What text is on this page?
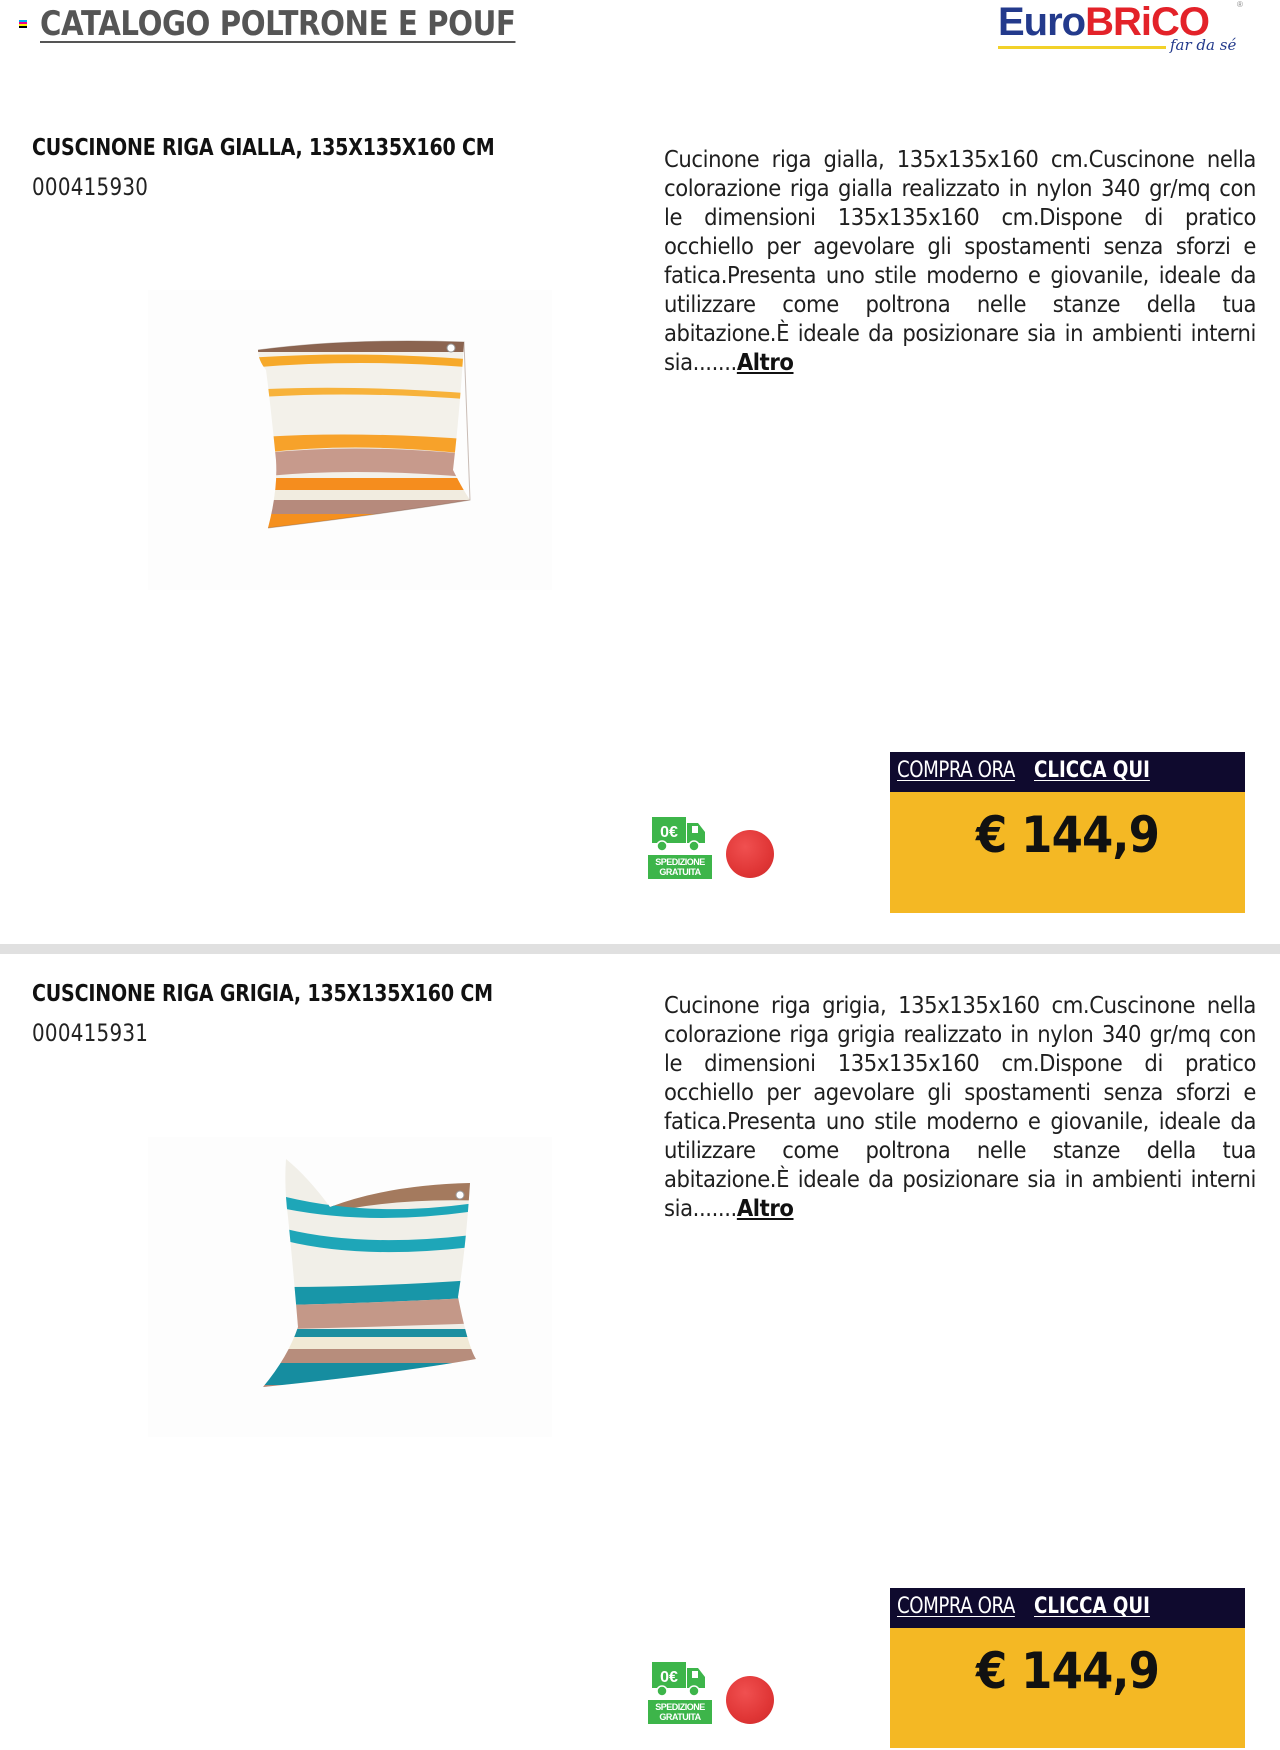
CATALOGO POLTRONE E POUF	EuroBRiCO	®
far da sé
CUSCINONE RIGA GIALLA, 135X135X160 CM
000415930
Cucinone riga gialla, 135x135x160 cm.Cuscinone nella colorazione riga gialla realizzato in nylon 340 gr/mq con le dimensioni 135x135x160 cm.Dispone di pratico occhiello per agevolare gli spostamenti senza sforzi e fatica.Presenta uno stile moderno e giovanile, ideale da utilizzare come poltrona nelle stanze della tua abitazione.È ideale da posizionare sia in ambienti interni sia.......Altro
0€
SPEDIZIONE
GRATUITA
COMPRA ORA CLICCA QUI
€ 144,9
CUSCINONE RIGA GRIGIA, 135X135X160 CM
000415931
Cucinone riga grigia, 135x135x160 cm.Cuscinone nella colorazione riga grigia realizzato in nylon 340 gr/mq con le dimensioni 135x135x160 cm.Dispone di pratico occhiello per agevolare gli spostamenti senza sforzi e fatica.Presenta uno stile moderno e giovanile, ideale da utilizzare come poltrona nelle stanze della tua abitazione.È ideale da posizionare sia in ambienti interni sia.......Altro
0€
SPEDIZIONE
GRATUITA
COMPRA ORA CLICCA QUI
€ 144,9
